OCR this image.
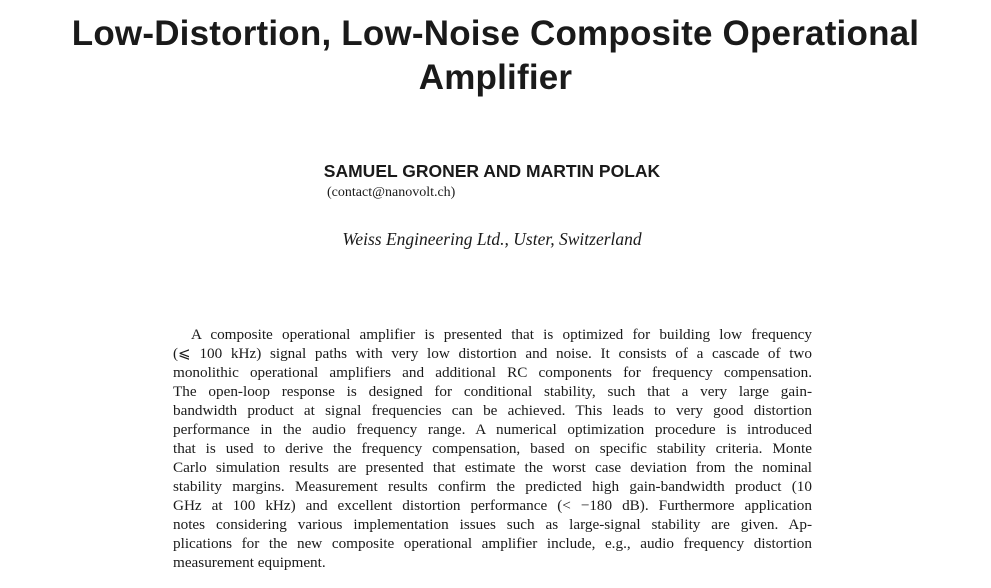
Low-Distortion, Low-Noise Composite Operational
Amplifier
SAMUEL GRONER AND MARTIN POLAK
(contact@nanovolt.ch)
Weiss Engineering Ltd., Uster, Switzerland
A composite operational amplifier is presented that is optimized for building low frequency
(⩽ 100 kHz) signal paths with very low distortion and noise. It consists of a cascade of two
monolithic operational amplifiers and additional RC components for frequency compensation.
The open-loop response is designed for conditional stability, such that a very large gain-
bandwidth product at signal frequencies can be achieved. This leads to very good distortion
performance in the audio frequency range. A numerical optimization procedure is introduced
that is used to derive the frequency compensation, based on specific stability criteria. Monte
Carlo simulation results are presented that estimate the worst case deviation from the nominal
stability margins. Measurement results confirm the predicted high gain-bandwidth product (10
GHz at 100 kHz) and excellent distortion performance (< −180 dB). Furthermore application
notes considering various implementation issues such as large-signal stability are given. Ap-
plications for the new composite operational amplifier include, e.g., audio frequency distortion
measurement equipment.
